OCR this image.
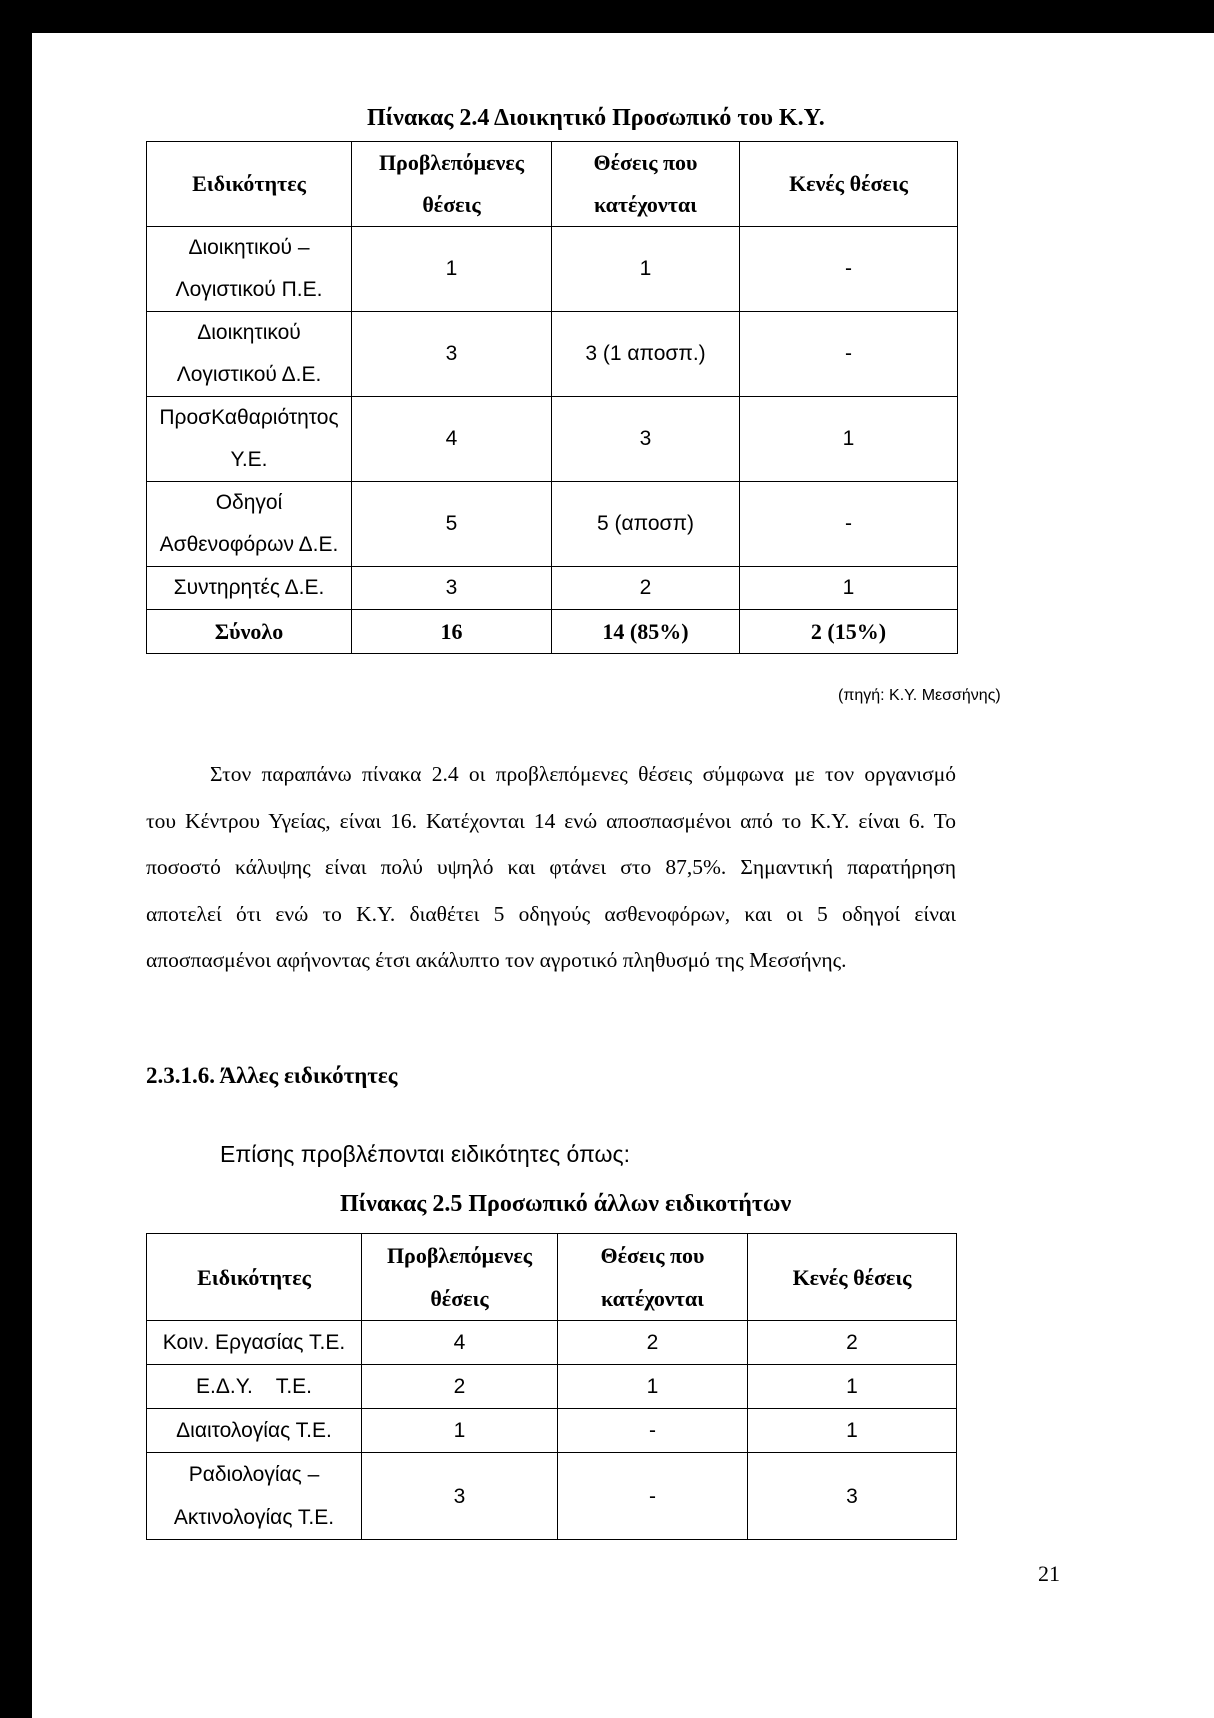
Πίνακας 2.4 Διοικητικό Προσωπικό του Κ.Υ.
Ειδικότητες	Προβλεπόμενες θέσεις	Θέσεις που κατέχονται	Κενές θέσεις
Διοικητικού – Λογιστικού Π.Ε.	1	1	-
Διοικητικού Λογιστικού Δ.Ε.	3	3 (1 αποσπ.)	-
ΠροσΚαθαριότητος Υ.Ε.	4	3	1
Οδηγοί Ασθενοφόρων Δ.Ε.	5	5 (αποσπ)	-
Συντηρητές Δ.Ε.	3	2	1
Σύνολο	16	14 (85%)	2 (15%)
(πηγή: Κ.Υ. Μεσσήνης)
Στον παραπάνω πίνακα 2.4 οι προβλεπόμενες θέσεις σύμφωνα με τον οργανισμό
του Κέντρου Υγείας, είναι 16. Κατέχονται 14 ενώ αποσπασμένοι από το Κ.Υ. είναι 6. Το
ποσοστό κάλυψης είναι πολύ υψηλό και φτάνει στο 87,5%. Σημαντική παρατήρηση
αποτελεί ότι ενώ το Κ.Υ. διαθέτει 5 οδηγούς ασθενοφόρων, και οι 5 οδηγοί είναι
αποσπασμένοι αφήνοντας έτσι ακάλυπτο τον αγροτικό πληθυσμό της Μεσσήνης.
2.3.1.6. Άλλες ειδικότητες
Επίσης προβλέπονται ειδικότητες όπως:
Πίνακας 2.5 Προσωπικό άλλων ειδικοτήτων
Ειδικότητες	Προβλεπόμενες θέσεις	Θέσεις που κατέχονται	Κενές θέσεις
Κοιν. Εργασίας Τ.Ε.	4	2	2
Ε.Δ.Υ.    Τ.Ε.	2	1	1
Διαιτολογίας Τ.Ε.	1	-	1
Ραδιολογίας – Ακτινολογίας Τ.Ε.	3	-	3
21
